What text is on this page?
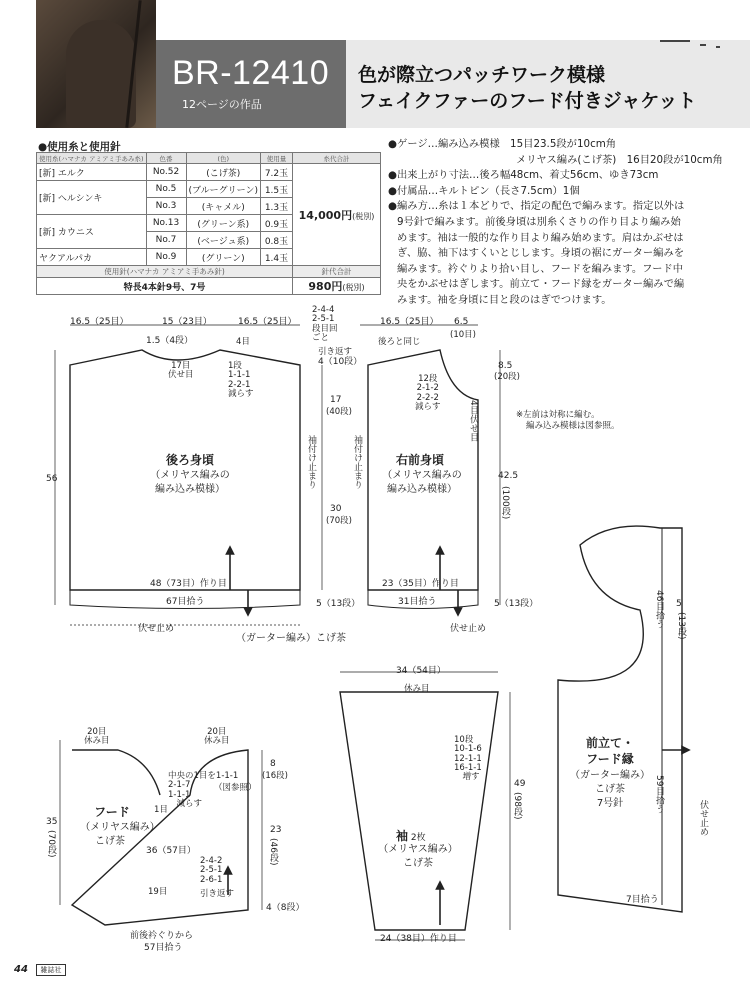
BR-12410
12ページの作品
色が際立つパッチワーク模様
フェイクファーのフード付きジャケット
●使用糸と使用針
使用糸(ハマナカ アミアミ手あみ糸)	色番	(色)	使用量	糸代合計
[新] エルク	No.52	(こげ茶)	7.2玉	14,000円(税別)
[新] ヘルシンキ	No.5	(ブルーグリーン)	1.5玉	
	No.3	(キャメル)	1.3玉	
[新] カウニス	No.13	(グリーン系)	0.9玉	
	No.7	(ベージュ系)	0.8玉	
ヤクアルパカ	No.9	(グリーン)	1.4玉	
使用針(ハマナカ アミアミ手あみ針)				針代合計
特長4本針9号、7号				980円(税別)
●ゲージ…編み込み模様　15目23.5段が10cm角
メリヤス編み(こげ茶)　16目20段が10cm角
●出来上がり寸法…後ろ幅48cm、着丈56cm、ゆき73cm
●付属品…キルトピン（長さ7.5cm）1個
●編み方…糸は１本どりで、指定の配色で編みます。指定以外は
9号針で編みます。前後身頃は別糸くさりの作り目より編み始
めます。袖は一般的な作り目より編み始めます。肩はかぶせは
ぎ、脇、袖下はすくいとじします。身頃の裾にガーター編みを
編みます。衿ぐりより拾い目し、フードを編みます。フード中
央をかぶせはぎします。前立て・フード縁をガーター編みで編
みます。袖を身頃に目と段のはぎでつけます。
16.5（25目）	15（23目）	16.5（25目）
1.5（4段）
17目
伏せ目
1段
1-1-1
2-2-1
減らす
4目
2-4-4
2-5-1
段目回
ごと
引き返す
4（10段）
17
(40段)
30
(70段)
袖付け止まり
56
後ろ身頃
（メリヤス編みの
編み込み模様）
48（73目）作り目
67目拾う	5（13段）
伏せ止め
16.5（25目） 6.5
(10目)
後ろと同じ
8.5
(20段)
12段
2-1-2
2-2-2
減らす	4目伏せ目
42.5
(100段)
袖付け止まり	右前身頃
（メリヤス編みの
編み込み模様）
23（35目）作り目
31目拾う	5（13段）
伏せ止め
※左前は対称に編む。
編み込み模様は図参照。
（ガーター編み）こげ茶
20目
休み目
20目
休み目
中央の1目を1-1-1
2-1-7
1-1-1
　減らす
（図参照）
1目
8
(16段)
23
(46段)
35
(70段)
フード
（メリヤス編み）
こげ茶
36（57目）
2-4-2
2-5-1
2-6-1
引き返す
4（8段）
19目
前後衿ぐりから
57目拾う
34（54目）
休み目
10段
10-1-6
12-1-1
16-1-1
　増す
49
(98段)
袖 2枚
（メリヤス編み）
こげ茶
24（38目）作り目
46目拾う 5
(13段)
59目拾う
伏せ止め
前立て・
フード縁
（ガーター編み）
こげ茶
7号針
7目拾う
44	雑誌社
